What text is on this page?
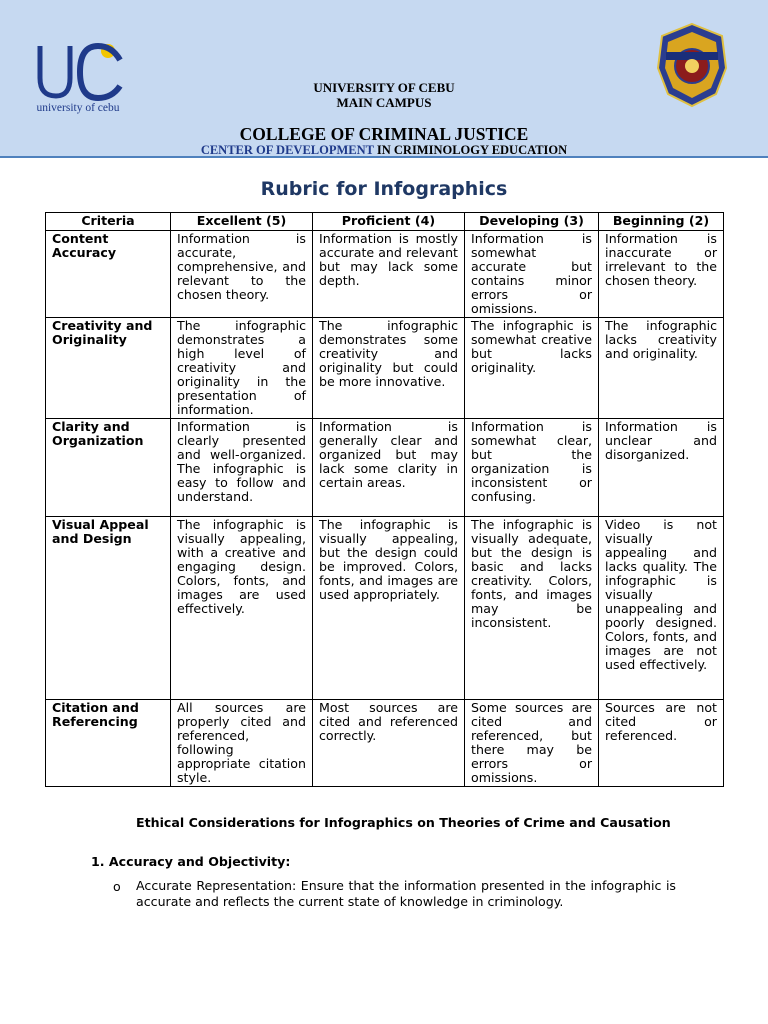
university of cebu
UNIVERSITY OF CEBU
MAIN CAMPUS
COLLEGE OF CRIMINAL JUSTICE
CENTER OF DEVELOPMENT IN CRIMINOLOGY EDUCATION
Rubric for Infographics
Criteria	Excellent (5)	Proficient (4)	Developing (3)	Beginning (2)
Content Accuracy	Information is accurate, comprehensive, and relevant to the chosen theory.	Information is mostly accurate and relevant but may lack some depth.	Information is somewhat accurate but contains minor errors or omissions.	Information is inaccurate or irrelevant to the chosen theory.
Creativity and Originality	The infographic demonstrates a high level of creativity and originality in the presentation of information.	The infographic demonstrates some creativity and originality but could be more innovative.	The infographic is somewhat creative but lacks originality.	The infographic lacks creativity and originality.
Clarity and Organization	Information is clearly presented and well-organized. The infographic is easy to follow and understand.	Information is generally clear and organized but may lack some clarity in certain areas.	Information is somewhat clear, but the organization is inconsistent or confusing.	Information is unclear and disorganized.
Visual Appeal and Design	The infographic is visually appealing, with a creative and engaging design. Colors, fonts, and images are used effectively.	The infographic is visually appealing, but the design could be improved. Colors, fonts, and images are used appropriately.	The infographic is visually adequate, but the design is basic and lacks creativity. Colors, fonts, and images may be inconsistent.	Video is not visually appealing and lacks quality. The infographic is visually unappealing and poorly designed. Colors, fonts, and images are not used effectively.
Citation and Referencing	All sources are properly cited and referenced, following appropriate citation style.	Most sources are cited and referenced correctly.	Some sources are cited and referenced, but there may be errors or omissions.	Sources are not cited or referenced.
Ethical Considerations for Infographics on Theories of Crime and Causation
1. Accuracy and Objectivity:
o Accurate Representation: Ensure that the information presented in the infographic is accurate and reflects the current state of knowledge in criminology.
